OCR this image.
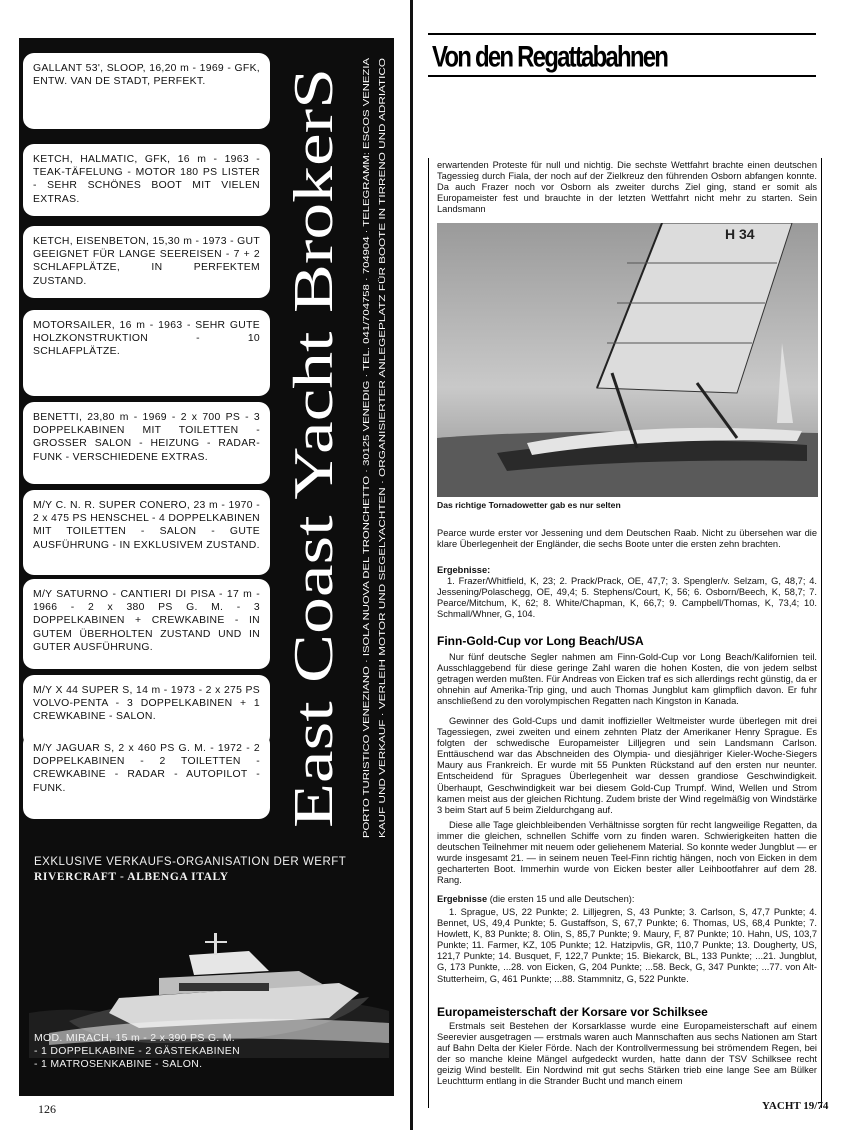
GALLANT 53', SLOOP, 16,20 m - 1969 - GFK, ENTW. VAN DE STADT, PERFEKT.
KETCH, HALMATIC, GFK, 16 m - 1963 - TEAK-TÄFELUNG - MOTOR 180 PS LISTER - SEHR SCHÖNES BOOT MIT VIELEN EXTRAS.
KETCH, EISENBETON, 15,30 m - 1973 - GUT GEEIGNET FÜR LANGE SEEREISEN - 7 + 2 SCHLAFPLÄTZE, IN PERFEKTEM ZUSTAND.
MOTORSAILER, 16 m - 1963 - SEHR GUTE HOLZKONSTRUKTION - 10 SCHLAFPLÄTZE.
BENETTI, 23,80 m - 1969 - 2 x 700 PS - 3 DOPPELKABINEN MIT TOILETTEN - GROSSER SALON - HEIZUNG - RADAR-FUNK - VERSCHIEDENE EXTRAS.
M/Y C. N. R. SUPER CONERO, 23 m - 1970 - 2 x 475 PS HENSCHEL - 4 DOPPELKABINEN MIT TOILETTEN - SALON - GUTE AUSFÜHRUNG - IN EXKLUSIVEM ZUSTAND.
M/Y SATURNO - CANTIERI DI PISA - 17 m - 1966 - 2 x 380 PS G. M. - 3 DOPPELKABINEN + CREWKABINE - IN GUTEM ÜBERHOLTEN ZUSTAND UND IN GUTER AUSFÜHRUNG.
M/Y X 44 SUPER S, 14 m - 1973 - 2 x 275 PS VOLVO-PENTA - 3 DOPPELKABINEN + 1 CREWKABINE - SALON.
M/Y JAGUAR S, 2 x 460 PS G. M. - 1972 - 2 DOPPELKABINEN - 2 TOILETTEN - CREWKABINE - RADAR - AUTOPILOT - FUNK.	East Coast Yacht BrokerS PORTO TURISTICO VENEZIANO · ISOLA NUOVA DEL TRONCHETTO · 30125 VENEDIG · TEL. 041/704758 · 704904 · TELEGRAMM: ESCOS VENEZIA KAUF UND VERKAUF · VERLEIH MOTOR UND SEGELYACHTEN · ORGANISIERTER ANLEGEPLATZ FÜR BOOTE IN TIRRENO UND ADRIATICO
EXKLUSIVE VERKAUFS-ORGANISATION DER WERFT
RIVERCRAFT - ALBENGA ITALY
MOD. MIRACH, 15 m - 2 x 390 PS G. M.
- 1 DOPPELKABINE - 2 GÄSTEKABINEN
- 1 MATROSENKABINE - SALON.
126
Von den Regattabahnen
erwartenden Proteste für null und nichtig. Die sechste Wettfahrt brachte einen deutschen Tagessieg durch Fiala, der noch auf der Zielkreuz den führenden Osborn abfangen konnte. Da auch Frazer noch vor Osborn als zweiter durchs Ziel ging, stand er somit als Europameister fest und brauchte in der letzten Wettfahrt nicht mehr zu starten. Sein Landsmann
H 34
Das richtige Tornadowetter gab es nur selten
Pearce wurde erster vor Jessening und dem Deutschen Raab. Nicht zu übersehen war die klare Überlegenheit der Engländer, die sechs Boote unter die ersten zehn brachten.
Ergebnisse:
1. Frazer/Whitfield, K, 23; 2. Prack/Prack, OE, 47,7; 3. Spengler/v. Selzam, G, 48,7; 4. Jessening/Polaschegg, OE, 49,4; 5. Stephens/Court, K, 56; 6. Osborn/Beech, K, 58,7; 7. Pearce/Mitchum, K, 62; 8. White/Chapman, K, 66,7; 9. Campbell/Thomas, K, 73,4; 10. Schmall/Whner, G, 104.
Finn-Gold-Cup vor Long Beach/USA
Nur fünf deutsche Segler nahmen am Finn-Gold-Cup vor Long Beach/Kalifornien teil. Ausschlaggebend für diese geringe Zahl waren die hohen Kosten, die von jedem selbst getragen werden mußten. Für Andreas von Eicken traf es sich allerdings recht günstig, da er ohnehin auf Amerika-Trip ging, und auch Thomas Jungblut kam glimpflich davon. Er fuhr anschließend zu den vorolympischen Regatten nach Kingston in Kanada.
Gewinner des Gold-Cups und damit inoffizieller Weltmeister wurde überlegen mit drei Tagessiegen, zwei zweiten und einem zehnten Platz der Amerikaner Henry Sprague. Es folgten der schwedische Europameister Lilljegren und sein Landsmann Carlson. Enttäuschend war das Abschneiden des Olympia- und diesjähriger Kieler-Woche-Siegers Maury aus Frankreich. Er wurde mit 55 Punkten Rückstand auf den ersten nur neunter. Entscheidend für Spragues Überlegenheit war dessen grandiose Geschwindigkeit. Überhaupt, Geschwindigkeit war bei diesem Gold-Cup Trumpf. Wind, Wellen und Strom kamen meist aus der gleichen Richtung. Zudem briste der Wind regelmäßig von Windstärke 3 beim Start auf 5 beim Zieldurchgang auf.
Diese alle Tage gleichbleibenden Verhältnisse sorgten für recht langweilige Regatten, da immer die gleichen, schnellen Schiffe vorn zu finden waren. Schwierigkeiten hatten die deutschen Teilnehmer mit neuem oder geliehenem Material. So konnte weder Jungblut — er wurde insgesamt 21. — in seinem neuen Teel-Finn richtig hängen, noch von Eicken in dem gecharterten Boot. Immerhin wurde von Eicken bester aller Leihbootfahrer auf dem 28. Rang.
Ergebnisse (die ersten 15 und alle Deutschen):
1. Sprague, US, 22 Punkte; 2. Lilljegren, S, 43 Punkte; 3. Carlson, S, 47,7 Punkte; 4. Bennet, US, 49,4 Punkte; 5. Gustaffson, S, 67,7 Punkte; 6. Thomas, US, 68,4 Punkte; 7. Howlett, K, 83 Punkte; 8. Olin, S, 85,7 Punkte; 9. Maury, F, 87 Punkte; 10. Hahn, US, 103,7 Punkte; 11. Farmer, KZ, 105 Punkte; 12. Hatzipvlis, GR, 110,7 Punkte; 13. Dougherty, US, 121,7 Punkte; 14. Busquet, F, 122,7 Punkte; 15. Biekarck, BL, 133 Punkte; ...21. Jungblut, G, 173 Punkte, ...28. von Eicken, G, 204 Punkte; ...58. Beck, G, 347 Punkte; ...77. von Alt-Stutterheim, G, 461 Punkte; ...88. Stammnitz, G, 522 Punkte.
Europameisterschaft der Korsare vor Schilksee
Erstmals seit Bestehen der Korsarklasse wurde eine Europameisterschaft auf einem Seerevier ausgetragen — erstmals waren auch Mannschaften aus sechs Nationen am Start auf Bahn Delta der Kieler Förde. Nach der Kontrollvermessung bei strömendem Regen, bei der so manche kleine Mängel aufgedeckt wurden, hatte dann der TSV Schilksee recht geizig Wind bestellt. Ein Nordwind mit gut sechs Stärken trieb eine lange See am Bülker Leuchtturm entlang in die Strander Bucht und manch einem
YACHT 19/74
